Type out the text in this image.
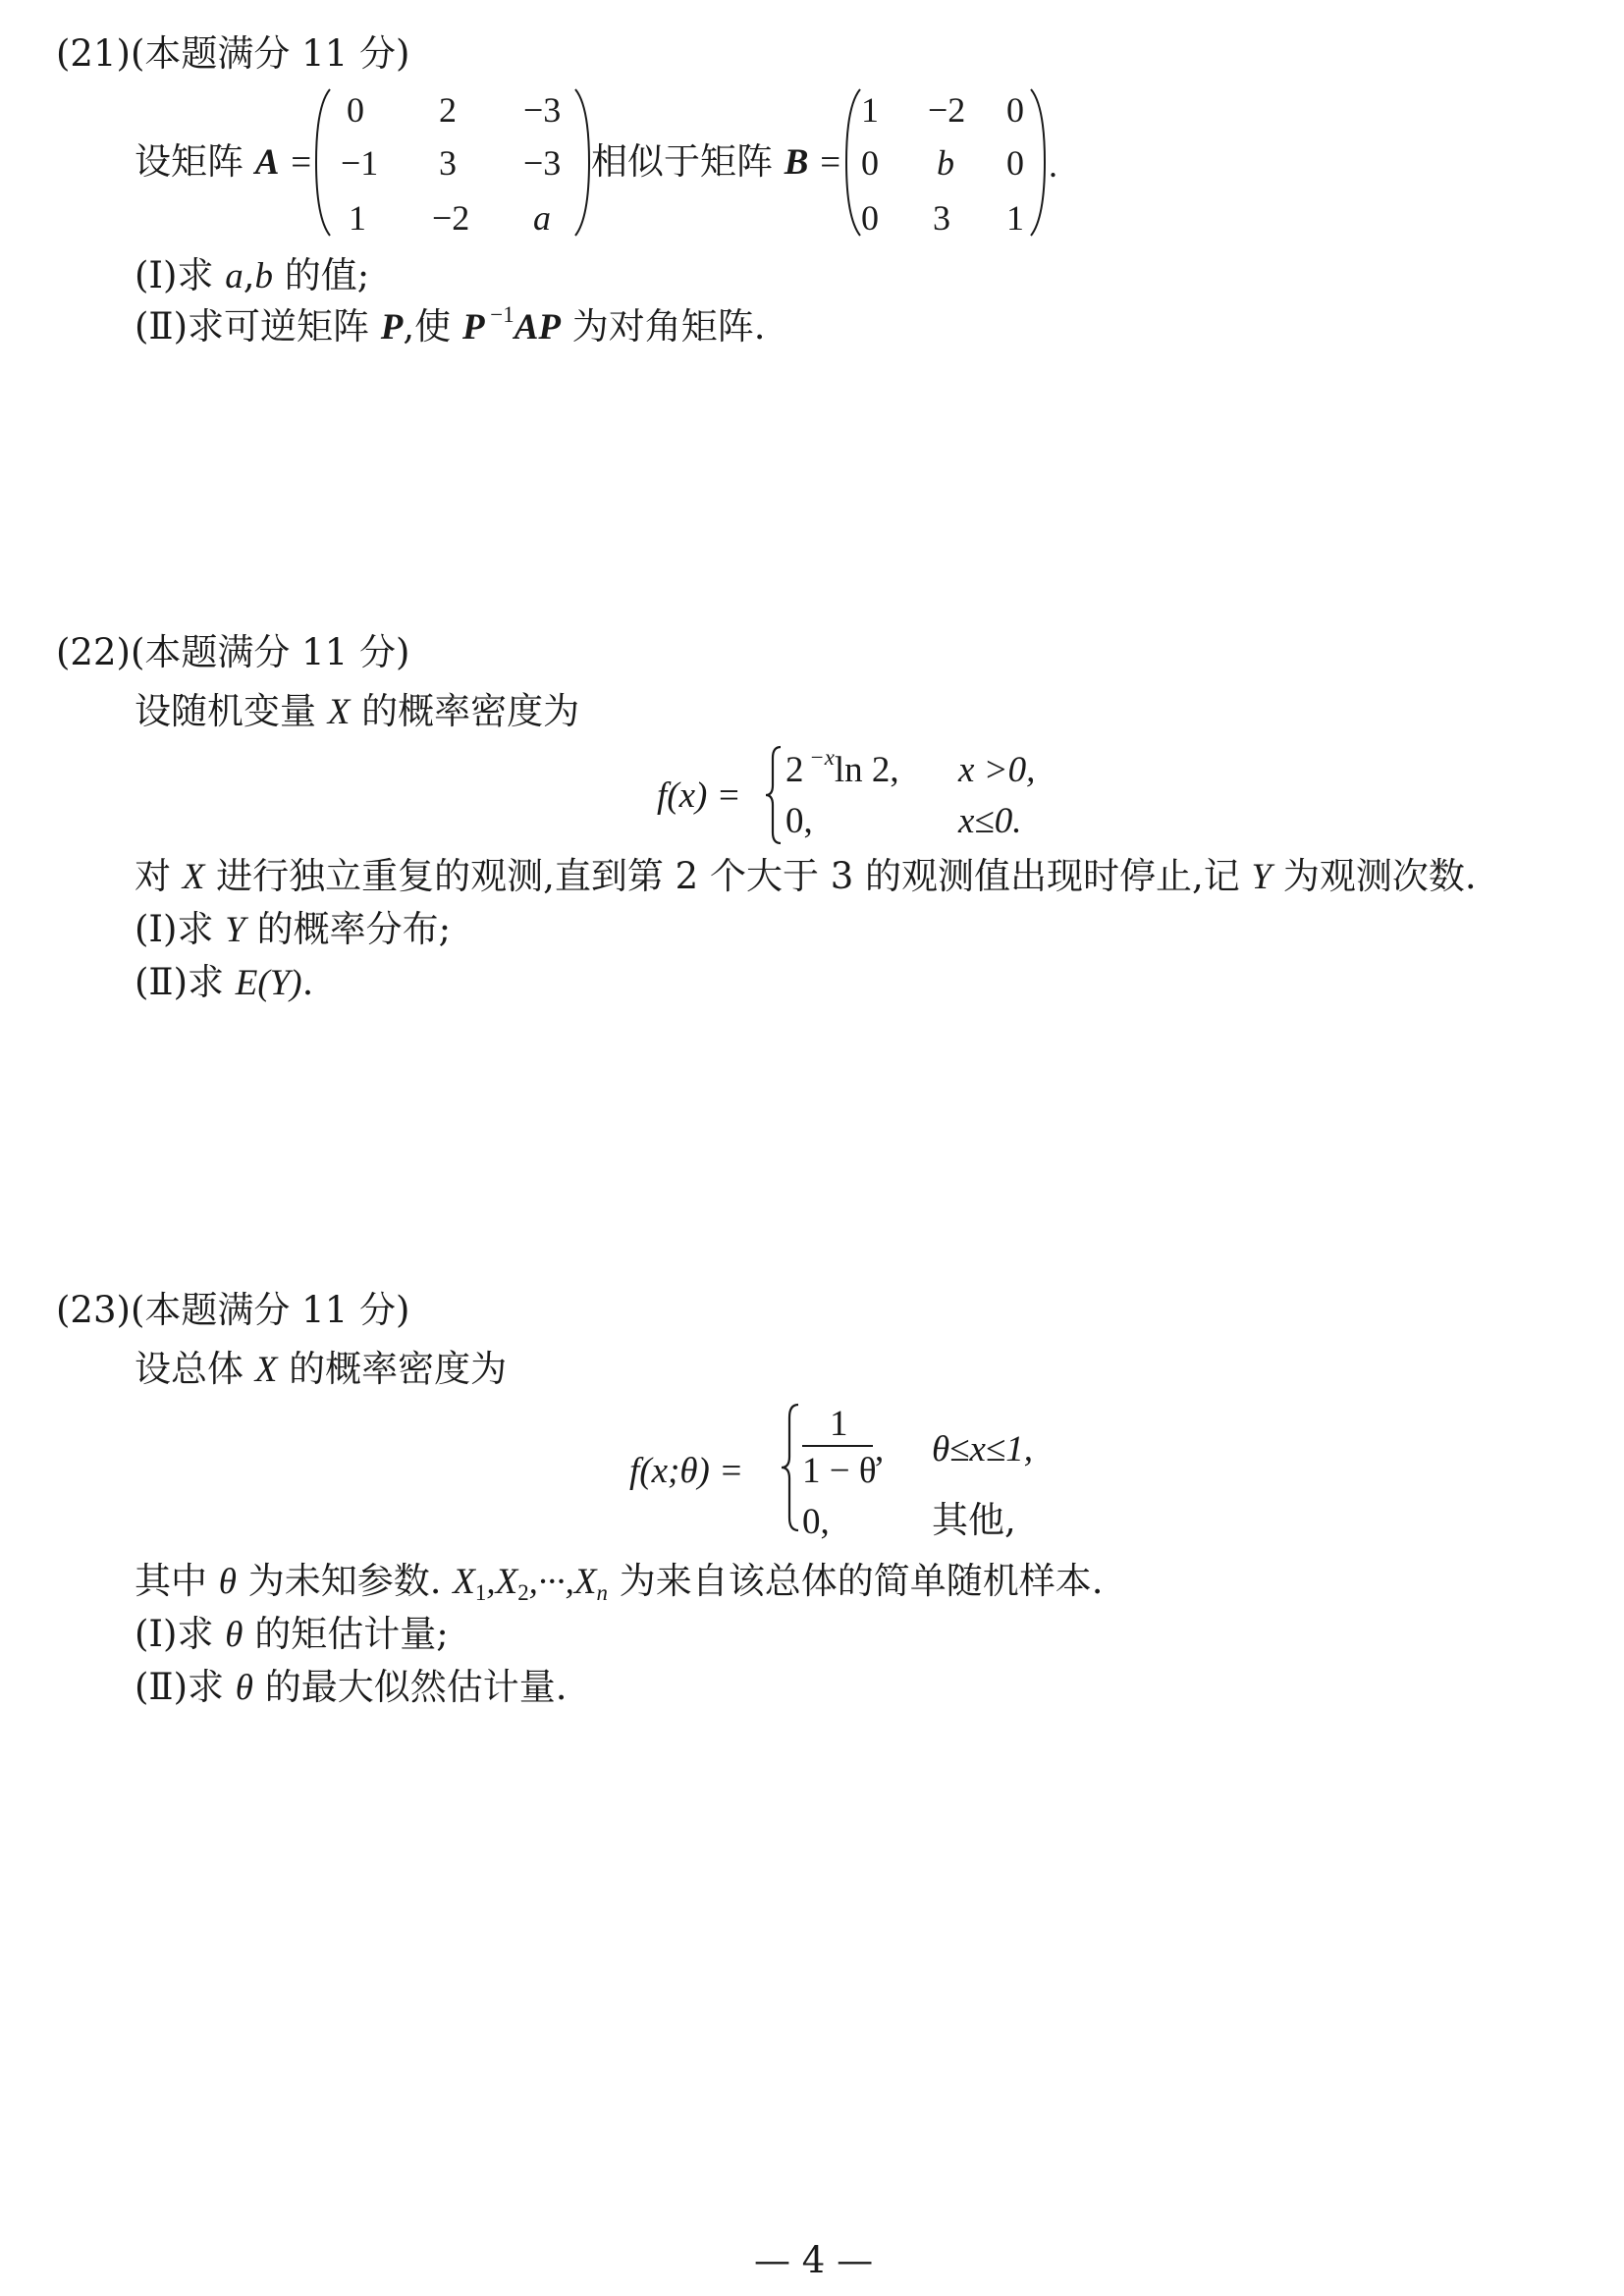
(21)(本题满分 11 分)
设矩阵 A =
0 2 −3
−1 3 −3
1 −2 a
相似于矩阵 B =
1 −2 0
0 b 0
0 3 1
.
(Ⅰ)求 a,b 的值;
(Ⅱ)求可逆矩阵 P,使 P $^{-1}$AP 为对角矩阵.
(22)(本题满分 11 分)
设随机变量 X 的概率密度为
f(x) =
2 $^{-x}$ln 2, x >0,
0,	x≤0.
对 X 进行独立重复的观测,直到第 2 个大于 3 的观测值出现时停止,记 Y 为观测次数.
(Ⅰ)求 Y 的概率分布;
(Ⅱ)求 E(Y).
(23)(本题满分 11 分)
设总体 X 的概率密度为
f(x;θ) =
1
1 − θ
, θ≤x≤1,
0,	其他,
其中 θ 为未知参数. $X_1,X_2,\cdot\cdot\cdot,X_n$ 为来自该总体的简单随机样本.
(Ⅰ)求 θ 的矩估计量;
(Ⅱ)求 θ 的最大似然估计量.
— 4 —
